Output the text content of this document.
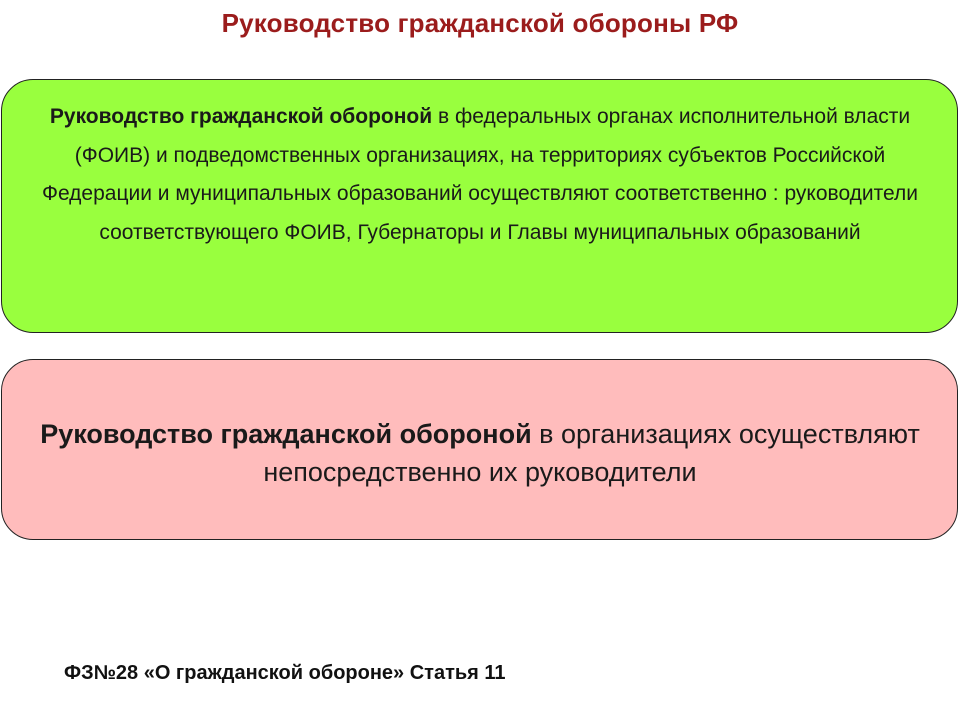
Руководство гражданской обороны РФ
Руководство гражданской обороной в федеральных органах исполнительной власти (ФОИВ) и подведомственных организациях, на территориях субъектов Российской Федерации и муниципальных образований осуществляют соответственно : руководители соответствующего ФОИВ, Губернаторы и Главы муниципальных образований
Руководство гражданской обороной в организациях осуществляют непосредственно их руководители
ФЗ№28 «О гражданской обороне» Статья 11
